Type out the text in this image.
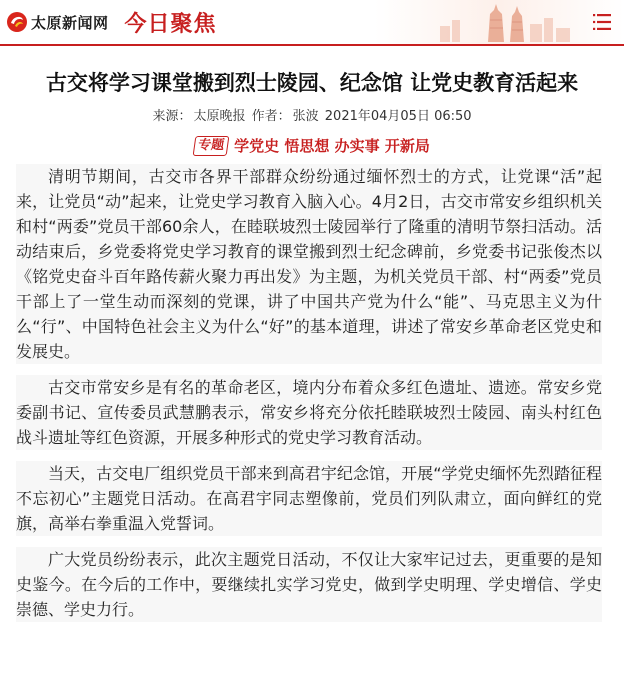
太原新闻网 今日聚焦
古交将学习课堂搬到烈士陵园、纪念馆 让党史教育活起来
来源： 太原晚报 作者： 张波 2021年04月05日 06:50
专题 学党史 悟思想 办实事 开新局

清明节期间，古交市各界干部群众纷纷通过缅怀烈士的方式，让党课“活”起来，让党员“动”起来，让党史学习教育入脑入心。4月2日，古交市常安乡组织机关和村“两委”党员干部60余人，在睦联坡烈士陵园举行了隆重的清明节祭扫活动。活动结束后，乡党委将党史学习教育的课堂搬到烈士纪念碑前，乡党委书记张俊杰以《铭党史奋斗百年路传薪火聚力再出发》为主题，为机关党员干部、村“两委”党员干部上了一堂生动而深刻的党课，讲了中国共产党为什么“能”、马克思主义为什么“行”、中国特色社会主义为什么“好”的基本道理，讲述了常安乡革命老区党史和发展史。

古交市常安乡是有名的革命老区，境内分布着众多红色遗址、遗迹。常安乡党委副书记、宣传委员武慧鹏表示，常安乡将充分依托睦联坡烈士陵园、南头村红色战斗遗址等红色资源，开展多种形式的党史学习教育活动。

当天，古交电厂组织党员干部来到高君宇纪念馆，开展“学党史缅怀先烈踏征程不忘初心”主题党日活动。在高君宇同志塑像前，党员们列队肃立，面向鲜红的党旗，高举右拳重温入党誓词。

广大党员纷纷表示，此次主题党日活动，不仅让大家牢记过去，更重要的是知史鉴今。在今后的工作中，要继续扎实学习党史，做到学史明理、学史增信、学史崇德、学史力行。
